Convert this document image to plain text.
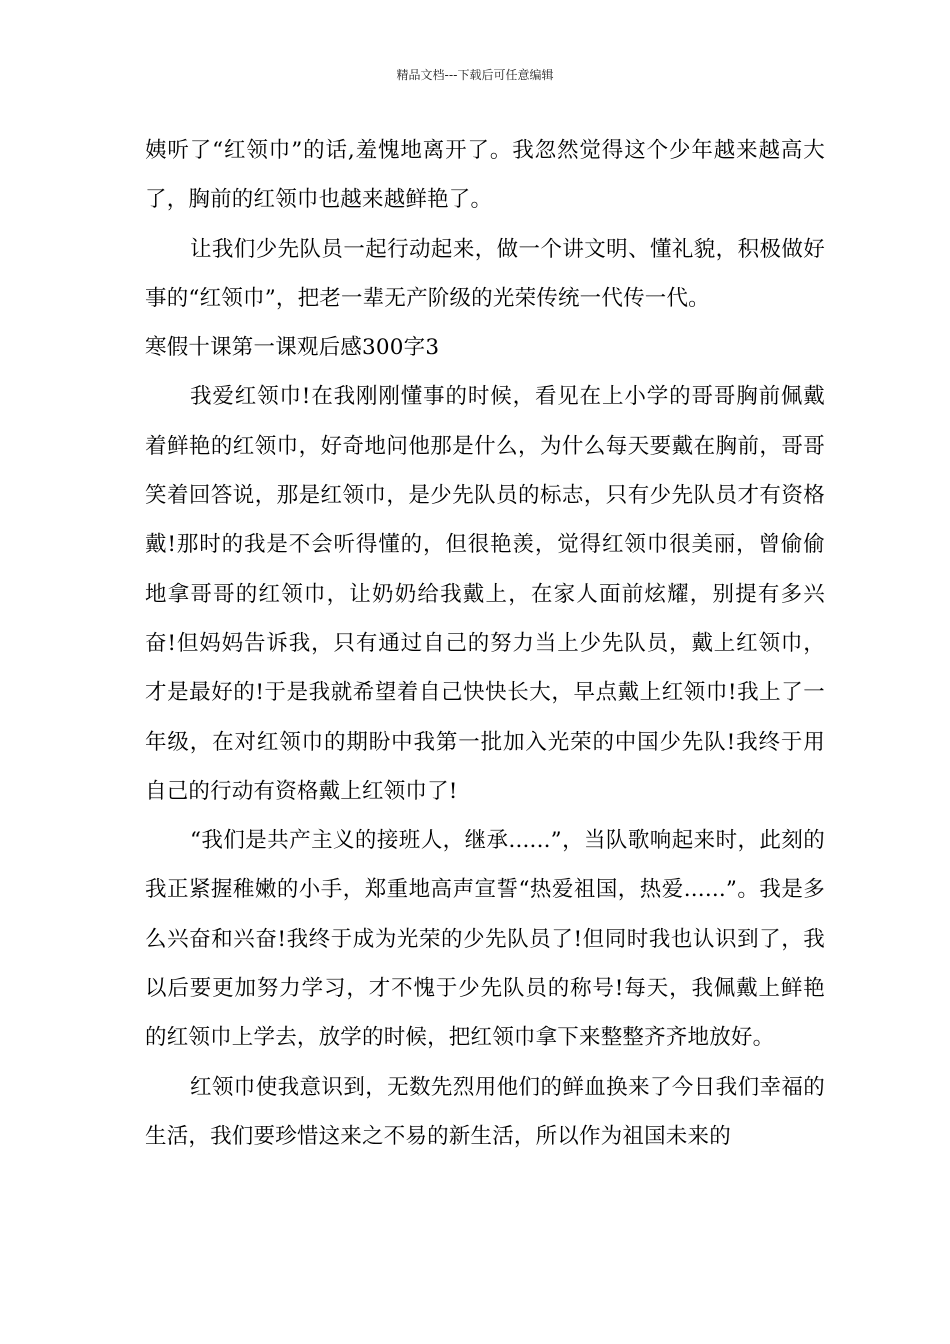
精品文档---下载后可任意编辑

姨听了“红领巾”的话,羞愧地离开了。我忽然觉得这个少年越来越高大了，胸前的红领巾也越来越鲜艳了。

让我们少先队员一起行动起来，做一个讲文明、懂礼貌，积极做好事的“红领巾”，把老一辈无产阶级的光荣传统一代传一代。

寒假十课第一课观后感300字3

我爱红领巾!在我刚刚懂事的时候，看见在上小学的哥哥胸前佩戴着鲜艳的红领巾，好奇地问他那是什么，为什么每天要戴在胸前，哥哥笑着回答说，那是红领巾，是少先队员的标志，只有少先队员才有资格戴!那时的我是不会听得懂的，但很艳羡，觉得红领巾很美丽，曾偷偷地拿哥哥的红领巾，让奶奶给我戴上，在家人面前炫耀，别提有多兴奋!但妈妈告诉我，只有通过自己的努力当上少先队员，戴上红领巾，才是最好的!于是我就希望着自己快快长大，早点戴上红领巾!我上了一年级，在对红领巾的期盼中我第一批加入光荣的中国少先队!我终于用自己的行动有资格戴上红领巾了!

“我们是共产主义的接班人，继承......”，当队歌响起来时，此刻的我正紧握稚嫩的小手，郑重地高声宣誓“热爱祖国，热爱......”。我是多么兴奋和兴奋!我终于成为光荣的少先队员了!但同时我也认识到了，我以后要更加努力学习，才不愧于少先队员的称号!每天，我佩戴上鲜艳的红领巾上学去，放学的时候，把红领巾拿下来整整齐齐地放好。

红领巾使我意识到，无数先烈用他们的鲜血换来了今日我们幸福的生活，我们要珍惜这来之不易的新生活，所以作为祖国未来的
